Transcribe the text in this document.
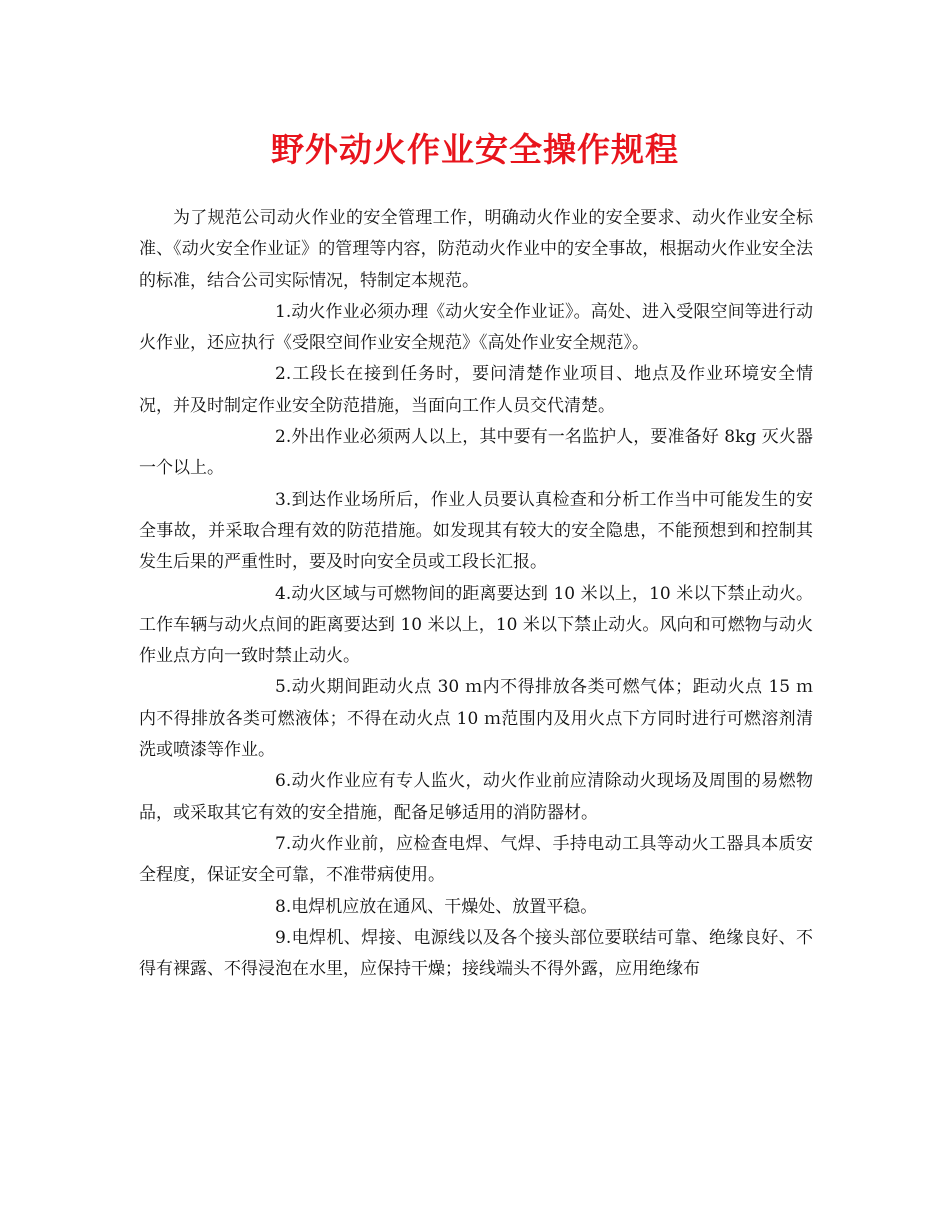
野外动火作业安全操作规程

为了规范公司动火作业的安全管理工作，明确动火作业的安全要求、动火作业安全标准、《动火安全作业证》的管理等内容，防范动火作业中的安全事故，根据动火作业安全法的标准，结合公司实际情况，特制定本规范。

1.动火作业必须办理《动火安全作业证》。高处、进入受限空间等进行动火作业，还应执行《受限空间作业安全规范》《高处作业安全规范》。

2.工段长在接到任务时，要问清楚作业项目、地点及作业环境安全情况，并及时制定作业安全防范措施，当面向工作人员交代清楚。

2.外出作业必须两人以上，其中要有一名监护人，要准备好 8kg 灭火器一个以上。

3.到达作业场所后，作业人员要认真检查和分析工作当中可能发生的安全事故，并采取合理有效的防范措施。如发现其有较大的安全隐患，不能预想到和控制其发生后果的严重性时，要及时向安全员或工段长汇报。

4.动火区域与可燃物间的距离要达到 10 米以上，10 米以下禁止动火。工作车辆与动火点间的距离要达到 10 米以上，10 米以下禁止动火。风向和可燃物与动火作业点方向一致时禁止动火。

5.动火期间距动火点 30 ｍ内不得排放各类可燃气体；距动火点 15 ｍ内不得排放各类可燃液体；不得在动火点 10 ｍ范围内及用火点下方同时进行可燃溶剂清洗或喷漆等作业。

6.动火作业应有专人监火，动火作业前应清除动火现场及周围的易燃物品，或采取其它有效的安全措施，配备足够适用的消防器材。

7.动火作业前，应检查电焊、气焊、手持电动工具等动火工器具本质安全程度，保证安全可靠，不准带病使用。

8.电焊机应放在通风、干燥处、放置平稳。

9.电焊机、焊接、电源线以及各个接头部位要联结可靠、绝缘良好、不得有裸露、不得浸泡在水里，应保持干燥；接线端头不得外露，应用绝缘布
